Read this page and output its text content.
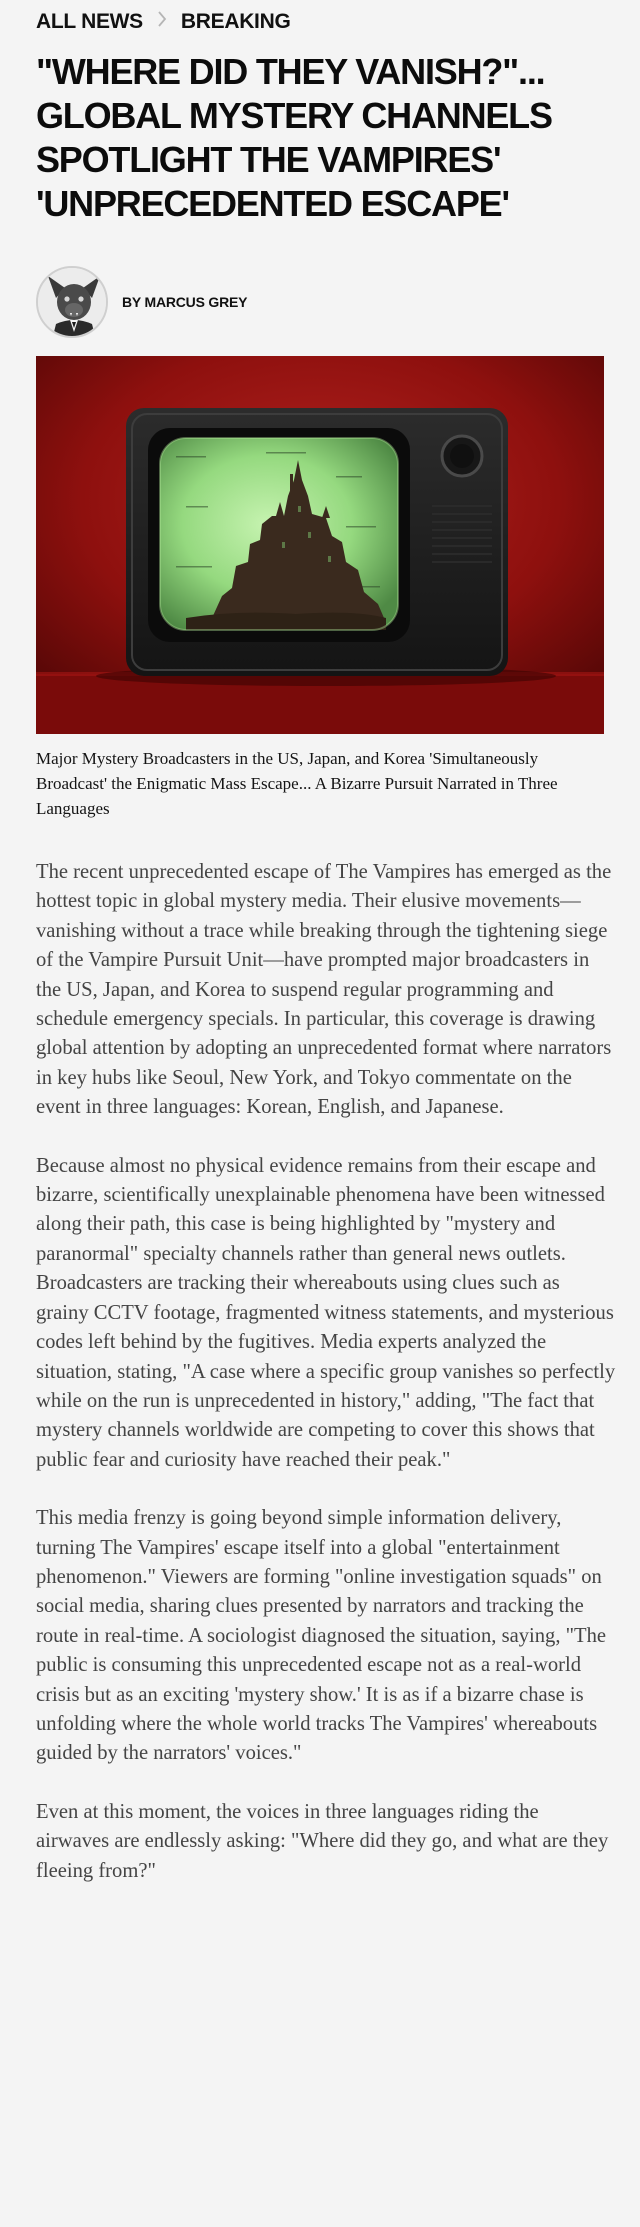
ALL NEWS BREAKING
"WHERE DID THEY VANISH?"... GLOBAL MYSTERY CHANNELS SPOTLIGHT THE VAMPIRES' 'UNPRECEDENTED ESCAPE'
BY MARCUS GREY
Major Mystery Broadcasters in the US, Japan, and Korea 'Simultaneously Broadcast' the Enigmatic Mass Escape... A Bizarre Pursuit Narrated in Three Languages

The recent unprecedented escape of The Vampires has emerged as the hottest topic in global mystery media. Their elusive movements—vanishing without a trace while breaking through the tightening siege of the Vampire Pursuit Unit—have prompted major broadcasters in the US, Japan, and Korea to suspend regular programming and schedule emergency specials. In particular, this coverage is drawing global attention by adopting an unprecedented format where narrators in key hubs like Seoul, New York, and Tokyo commentate on the event in three languages: Korean, English, and Japanese.

Because almost no physical evidence remains from their escape and bizarre, scientifically unexplainable phenomena have been witnessed along their path, this case is being highlighted by "mystery and paranormal" specialty channels rather than general news outlets. Broadcasters are tracking their whereabouts using clues such as grainy CCTV footage, fragmented witness statements, and mysterious codes left behind by the fugitives. Media experts analyzed the situation, stating, "A case where a specific group vanishes so perfectly while on the run is unprecedented in history," adding, "The fact that mystery channels worldwide are competing to cover this shows that public fear and curiosity have reached their peak."

This media frenzy is going beyond simple information delivery, turning The Vampires' escape itself into a global "entertainment phenomenon." Viewers are forming "online investigation squads" on social media, sharing clues presented by narrators and tracking the route in real-time. A sociologist diagnosed the situation, saying, "The public is consuming this unprecedented escape not as a real-world crisis but as an exciting 'mystery show.' It is as if a bizarre chase is unfolding where the whole world tracks The Vampires' whereabouts guided by the narrators' voices."

Even at this moment, the voices in three languages riding the airwaves are endlessly asking: "Where did they go, and what are they fleeing from?"
